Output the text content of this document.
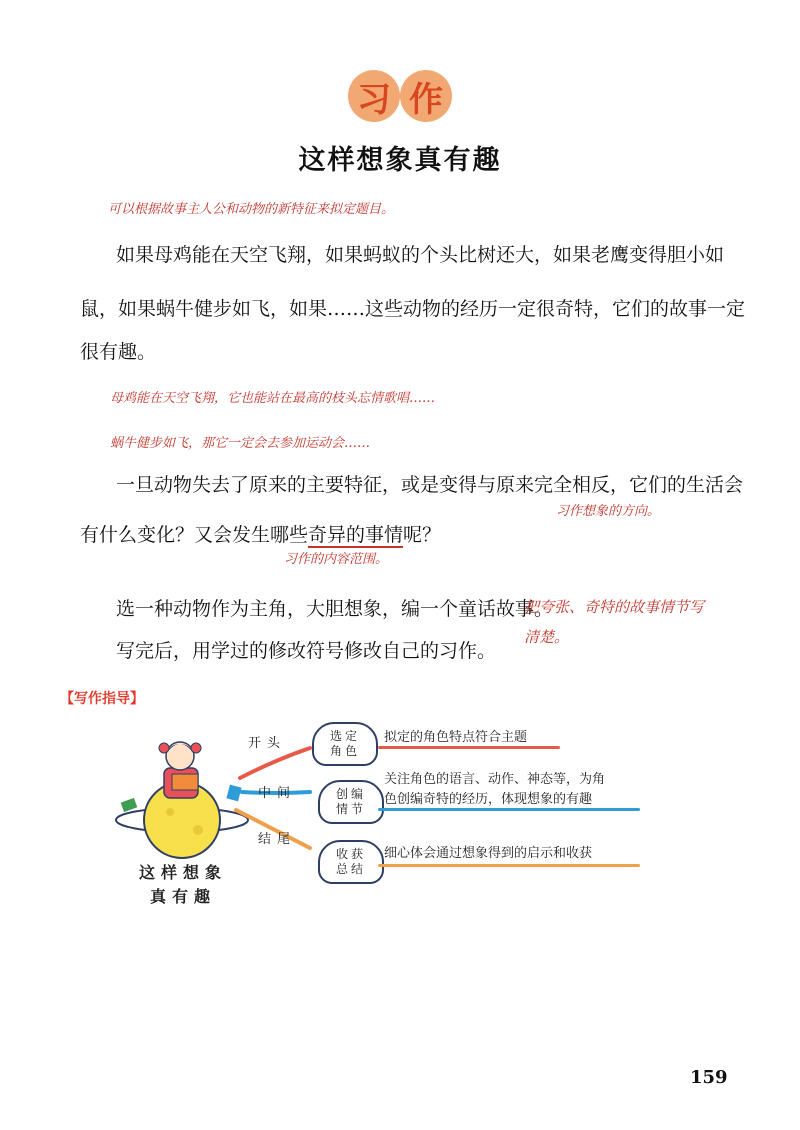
习 作
这样想象真有趣
可以根据故事主人公和动物的新特征来拟定题目。
如果母鸡能在天空飞翔，如果蚂蚁的个头比树还大，如果老鹰变得胆小如
鼠，如果蜗牛健步如飞，如果……这些动物的经历一定很奇特，它们的故事一定
很有趣。
母鸡能在天空飞翔，它也能站在最高的枝头忘情歌唱……
蜗牛健步如飞，那它一定会去参加运动会……
一旦动物失去了原来的主要特征，或是变得与原来完全相反，它们的生活会
习作想象的方向。
有什么变化？又会发生哪些奇异的事情呢？
习作的内容范围。
选一种动物作为主角，大胆想象，编一个童话故事。
把夸张、奇特的故事情节写
清楚。
写完后，用学过的修改符号修改自己的习作。
【写作指导】
这样想象
真有趣
开头	选定
角色
拟定的角色特点符合主题
中间	创编
情节
关注角色的语言、动作、神态等，为角
色创编奇特的经历，体现想象的有趣
结尾
收获
总结
细心体会通过想象得到的启示和收获
159
